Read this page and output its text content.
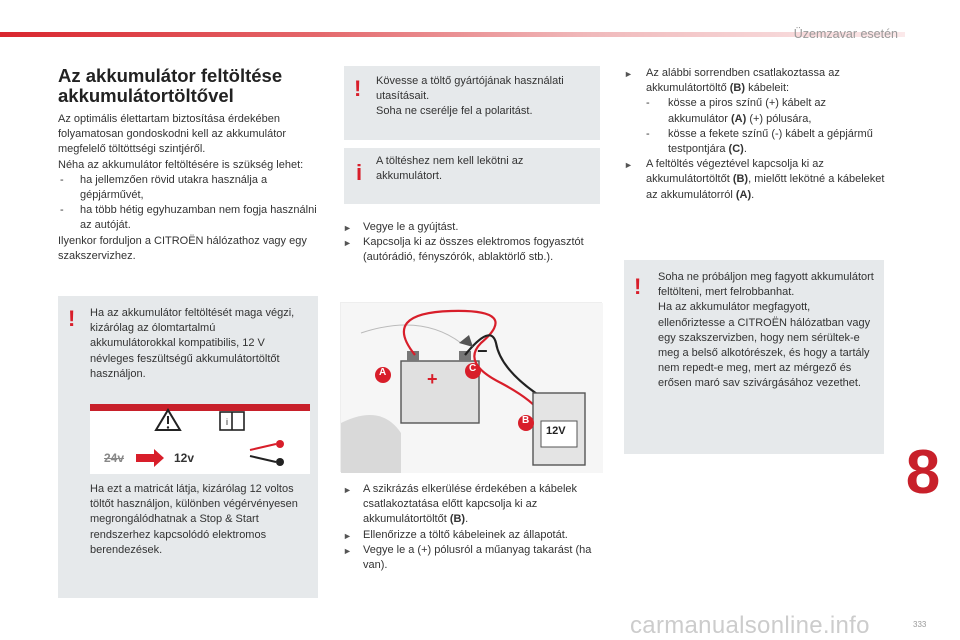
Üzemzavar esetén
Az akkumulátor feltöltése akkumulátortöltővel

Az optimális élettartam biztosítása érdekében folyamatosan gondoskodni kell az akkumulátor megfelelő töltöttségi szintjéről.

Néha az akkumulátor feltöltésére is szükség lehet:

- ha jellemzően rövid utakra használja a gépjárművét,

- ha több hétig egyhuzamban nem fogja használni az autóját.

Ilyenkor forduljon a CITROËN hálózathoz vagy egy szakszervizhez.

! Ha az akkumulátor feltöltését maga végzi, kizárólag az ólomtartalmú akkumulátorokkal kompatibilis, 12 V névleges feszültségű akkumulátortöltőt használjon.
Ha ezt a matricát látja, kizárólag 12 voltos töltőt használjon, különben végérvényesen megrongálódhatnak a Stop & Start rendszerhez kapcsolódó elektromos berendezések.
i
24v	12v
! Kövesse a töltő gyártójának használati utasításait.
Soha ne cserélje fel a polaritást.
i A töltéshez nem kell lekötni az akkumulátort.
► Vegye le a gyújtást.
► Kapcsolja ki az összes elektromos fogyasztót (autórádió, fényszórók, ablaktörlő stb.).
A	C
B
12V
+
−
► A szikrázás elkerülése érdekében a kábelek csatlakoztatása előtt kapcsolja ki az akkumulátortöltőt (B).
► Ellenőrizze a töltő kábeleinek az állapotát.
► Vegye le a (+) pólusról a műanyag takarást (ha van).
► Az alábbi sorrendben csatlakoztassa az akkumulátortöltő (B) kábeleit:
- kösse a piros színű (+) kábelt az akkumulátor (A) (+) pólusára,
- kösse a fekete színű (-) kábelt a gépjármű testpontjára (C).
► A feltöltés végeztével kapcsolja ki az akkumulátortöltőt (B), mielőtt lekötné a kábeleket az akkumulátorról (A).
! Soha ne próbáljon meg fagyott akkumulátort feltölteni, mert felrobbanhat.
Ha az akkumulátor megfagyott, ellenőriztesse a CITROËN hálózatban vagy egy szakszervizben, hogy nem sérültek-e meg a belső alkotórészek, és hogy a tartály nem repedt-e meg, mert az mérgező és erősen maró sav szivárgásához vezethet.
8
carmanualsonline.info	333
